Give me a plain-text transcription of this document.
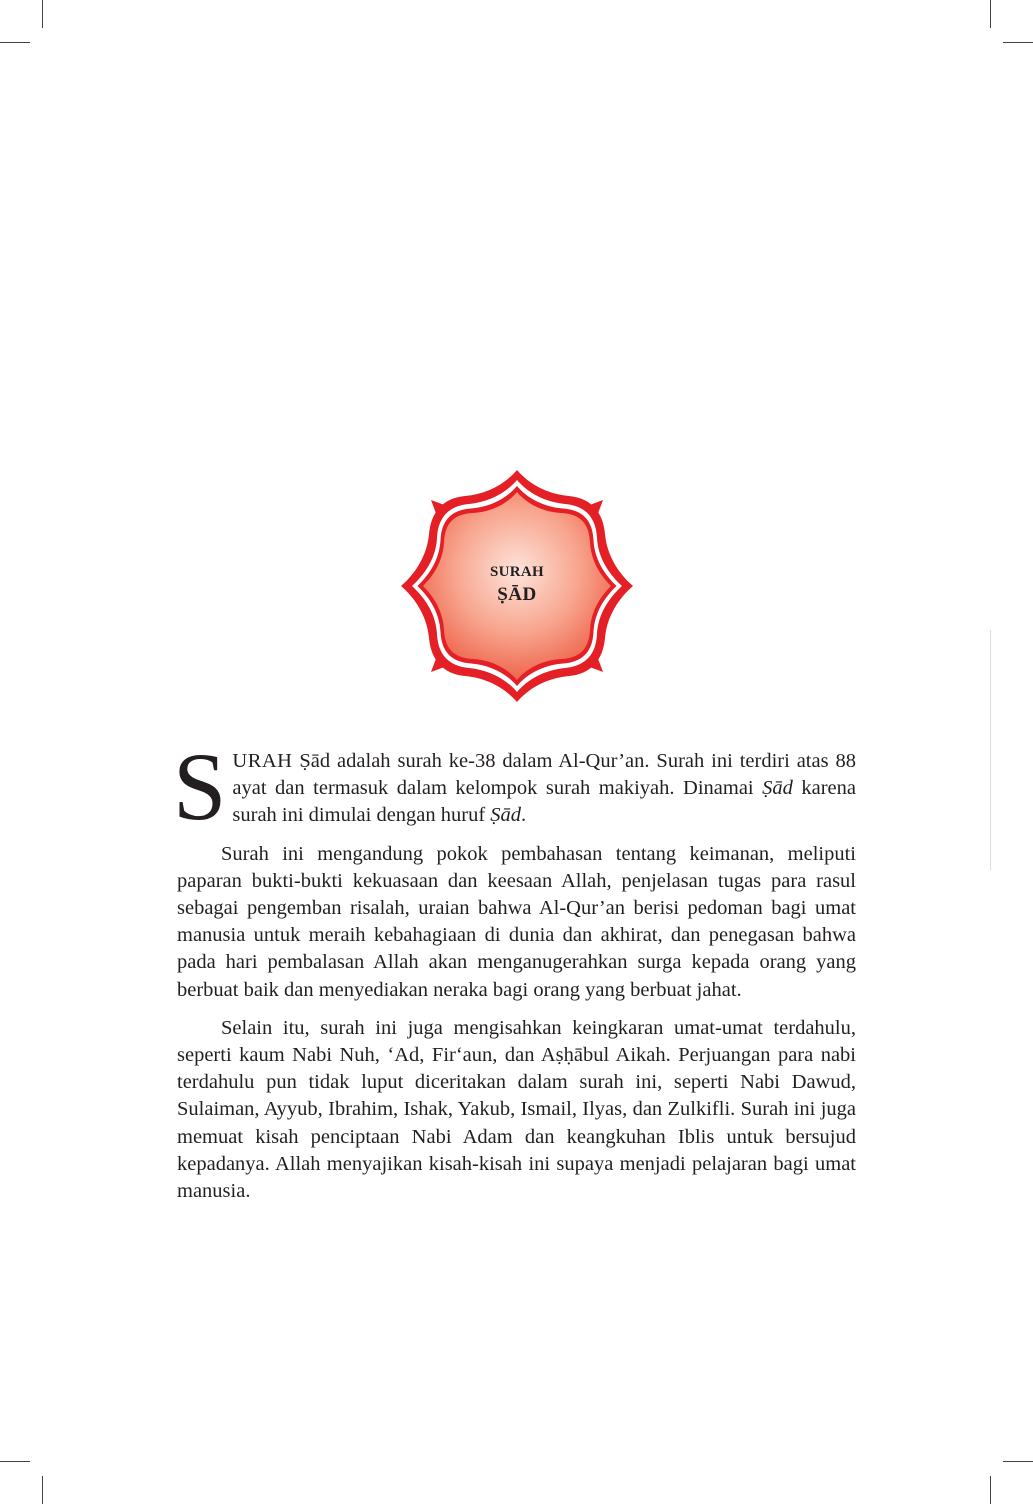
SURAH
ṢĀD

SURAH Ṣād adalah surah ke-38 dalam Al-Qur’an. Surah ini terdiri atas 88 ayat dan termasuk dalam kelompok surah makiyah. Dinamai Ṣād karena surah ini dimulai dengan huruf Ṣād.

Surah ini mengandung pokok pembahasan tentang keimanan, meliputi paparan bukti-bukti kekuasaan dan keesaan Allah, penjelasan tugas para rasul sebagai pengemban risalah, uraian bahwa Al-Qur’an berisi pedoman bagi umat manusia untuk meraih kebahagiaan di dunia dan akhirat, dan penegasan bahwa pada hari pembalasan Allah akan menganugerahkan surga kepada orang yang berbuat baik dan menyediakan neraka bagi orang yang berbuat jahat.

Selain itu, surah ini juga mengisahkan keingkaran umat-umat terdahulu, seperti kaum Nabi Nuh, ‘Ad, Fir‘aun, dan Aṣḥābul Aikah. Perjuangan para nabi terdahulu pun tidak luput diceritakan dalam surah ini, seperti Nabi Dawud, Sulaiman, Ayyub, Ibrahim, Ishak, Yakub, Ismail, Ilyas, dan Zulkifli. Surah ini juga memuat kisah penciptaan Nabi Adam dan keangkuhan Iblis untuk bersujud kepadanya. Allah menyajikan kisah-kisah ini supaya menjadi pelajaran bagi umat manusia.
